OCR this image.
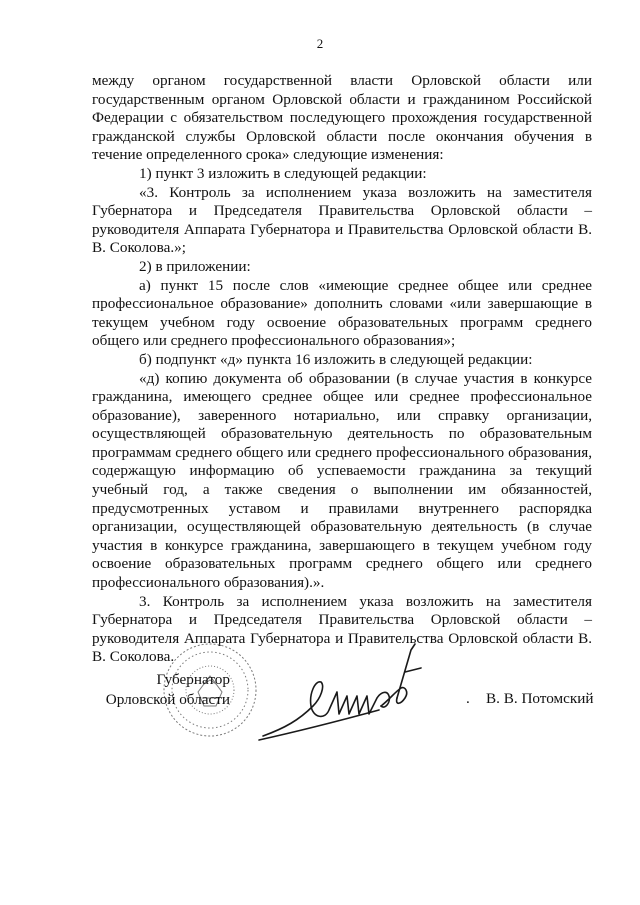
2

между органом государственной власти Орловской области или государственным органом Орловской области и гражданином Российской Федерации с обязательством последующего прохождения государственной гражданской службы Орловской области после окончания обучения в течение определенного срока» следующие изменения:

1) пункт 3 изложить в следующей редакции:

«3. Контроль за исполнением указа возложить на заместителя Губернатора и Председателя Правительства Орловской области – руководителя Аппарата Губернатора и Правительства Орловской области В. В. Соколова.»;

2) в приложении:

а) пункт 15 после слов «имеющие среднее общее или среднее профессиональное образование» дополнить словами «или завершающие в текущем учебном году освоение образовательных программ среднего общего или среднего профессионального образования»;

б) подпункт «д» пункта 16 изложить в следующей редакции:

«д) копию документа об образовании (в случае участия в конкурсе гражданина, имеющего среднее общее или среднее профессиональное образование), заверенного нотариально, или справку организации, осуществляющей образовательную деятельность по образовательным программам среднего общего или среднего профессионального образования, содержащую информацию об успеваемости гражданина за текущий учебный год, а также сведения о выполнении им обязанностей, предусмотренных уставом и правилами внутреннего распорядка организации, осуществляющей образовательную деятельность (в случае участия в конкурсе гражданина, завершающего в текущем учебном году освоение образовательных программ среднего общего или среднего профессионального образования).».

3. Контроль за исполнением указа возложить на заместителя Губернатора и Председателя Правительства Орловской области – руководителя Аппарата Губернатора и Правительства Орловской области В. В. Соколова.

Губернатор
Орловской области	. В. В. Потомский
